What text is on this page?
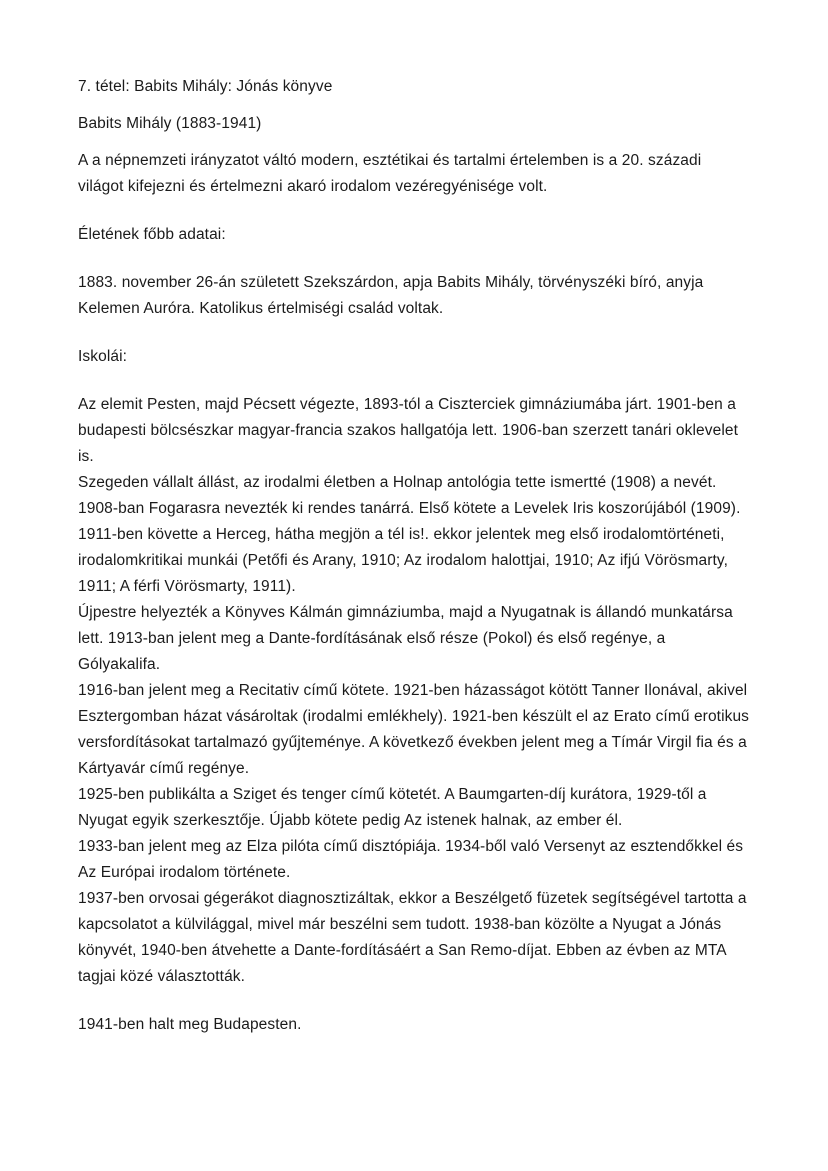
7. tétel: Babits Mihály: Jónás könyve

Babits Mihály (1883-1941)

A a népnemzeti irányzatot váltó modern, esztétikai és tartalmi értelemben is a 20. századi világot kifejezni és értelmezni akaró irodalom vezéregyénisége volt.

Életének főbb adatai:

1883. november 26-án született Szekszárdon, apja Babits Mihály, törvényszéki bíró, anyja Kelemen Auróra. Katolikus értelmiségi család voltak.

Iskolái:

Az elemit Pesten, majd Pécsett végezte, 1893-tól a Ciszterciek gimnáziumába járt. 1901-ben a budapesti bölcsészkar magyar-francia szakos hallgatója lett. 1906-ban szerzett tanári oklevelet is.

Szegeden vállalt állást, az irodalmi életben a Holnap antológia tette ismertté (1908) a nevét. 1908-ban Fogarasra nevezték ki rendes tanárrá. Első kötete a Levelek Iris koszorújából (1909).

1911-ben követte a Herceg, hátha megjön a tél is!. ekkor jelentek meg első irodalomtörténeti, irodalomkritikai munkái (Petőfi és Arany, 1910; Az irodalom halottjai, 1910; Az ifjú Vörösmarty, 1911; A férfi Vörösmarty, 1911).

Újpestre helyezték a Könyves Kálmán gimnáziumba, majd a Nyugatnak is állandó munkatársa lett. 1913-ban jelent meg a Dante-fordításának első része (Pokol) és első regénye, a Gólyakalifa.

1916-ban jelent meg a Recitativ című kötete. 1921-ben házasságot kötött Tanner Ilonával, akivel Esztergomban házat vásároltak (irodalmi emlékhely). 1921-ben készült el az Erato című erotikus versfordításokat tartalmazó gyűjteménye. A következő években jelent meg a Tímár Virgil fia és a Kártyavár című regénye.

1925-ben publikálta a Sziget és tenger című kötetét. A Baumgarten-díj kurátora, 1929-től a Nyugat egyik szerkesztője. Újabb kötete pedig Az istenek halnak, az ember él.

1933-ban jelent meg az Elza pilóta című disztópiája. 1934-ből való Versenyt az esztendőkkel és Az Európai irodalom története.

1937-ben orvosai gégerákot diagnosztizáltak, ekkor a Beszélgető füzetek segítségével tartotta a kapcsolatot a külvilággal, mivel már beszélni sem tudott. 1938-ban közölte a Nyugat a Jónás könyvét, 1940-ben átvehette a Dante-fordításáért a San Remo-díjat. Ebben az évben az MTA tagjai közé választották.

1941-ben halt meg Budapesten.
